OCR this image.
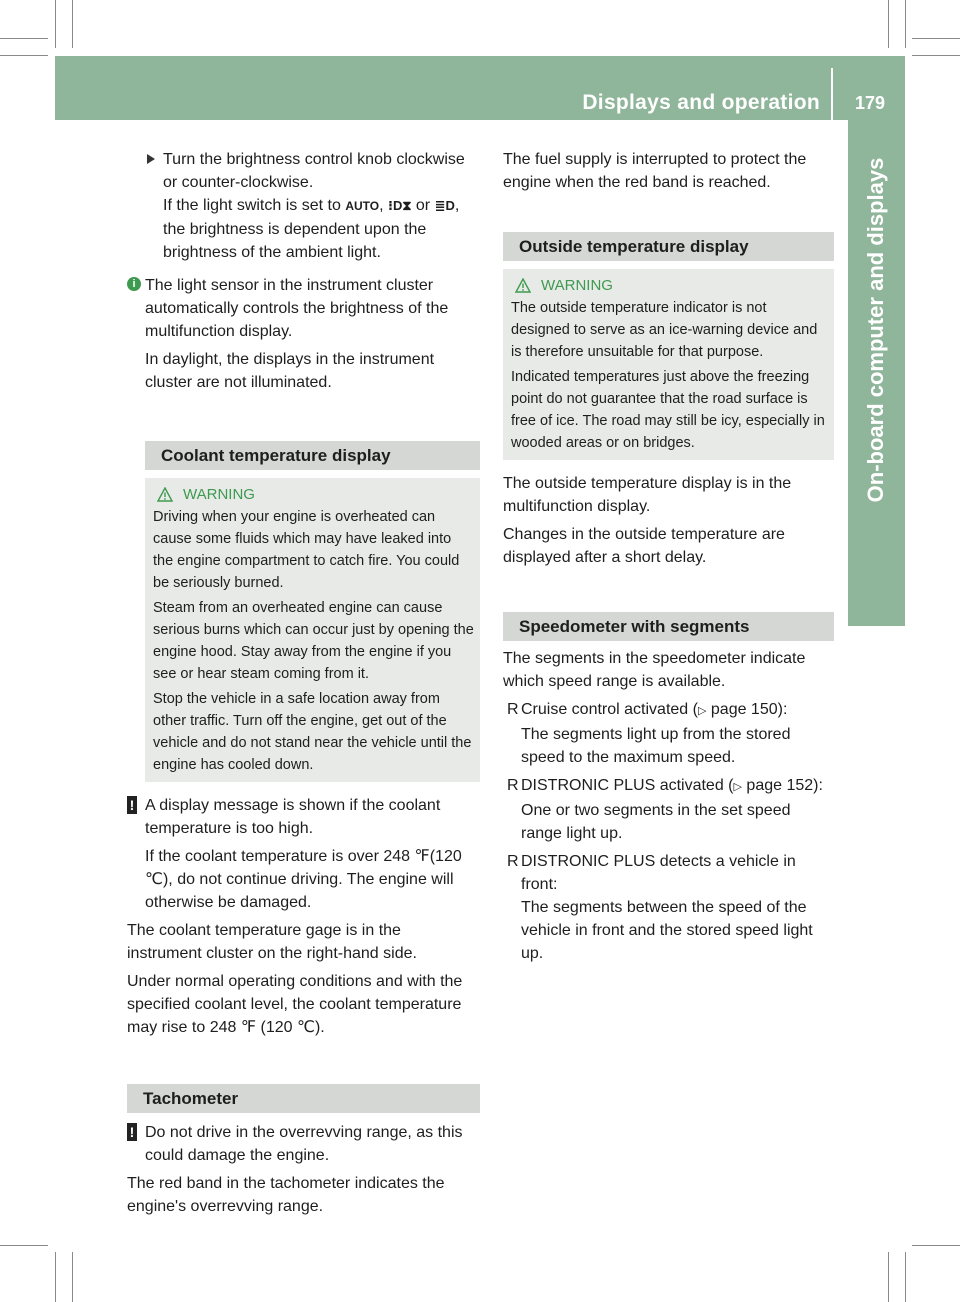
Displays and operation	179
On-board computer and displays

Turn the brightness control knob clockwise or counter-clockwise.
If the light switch is set to AUTO, ⁝D⧗ or ≣D, the brightness is dependent upon the brightness of the ambient light.

i The light sensor in the instrument cluster automatically controls the brightness of the multifunction display.

In daylight, the displays in the instrument cluster are not illuminated.

Coolant temperature display
WARNING

Driving when your engine is overheated can cause some fluids which may have leaked into the engine compartment to catch fire. You could be seriously burned.

Steam from an overheated engine can cause serious burns which can occur just by opening the engine hood. Stay away from the engine if you see or hear steam coming from it.

Stop the vehicle in a safe location away from other traffic. Turn off the engine, get out of the vehicle and do not stand near the vehicle until the engine has cooled down.

! A display message is shown if the coolant temperature is too high.

If the coolant temperature is over 248 ℉(120 ℃), do not continue driving. The engine will otherwise be damaged.

The coolant temperature gage is in the instrument cluster on the right-hand side.

Under normal operating conditions and with the specified coolant level, the coolant temperature may rise to 248 ℉ (120 ℃).

Tachometer
! Do not drive in the overrevving range, as this could damage the engine.

The red band in the tachometer indicates the engine's overrevving range.

The fuel supply is interrupted to protect the engine when the red band is reached.

Outside temperature display
WARNING

The outside temperature indicator is not designed to serve as an ice-warning device and is therefore unsuitable for that purpose.

Indicated temperatures just above the freezing point do not guarantee that the road surface is free of ice. The road may still be icy, especially in wooded areas or on bridges.

The outside temperature display is in the multifunction display.

Changes in the outside temperature are displayed after a short delay.

Speedometer with segments

The segments in the speedometer indicate which speed range is available.

R Cruise control activated (▷ page 150):

The segments light up from the stored speed to the maximum speed.

R DISTRONIC PLUS activated (▷ page 152):

One or two segments in the set speed range light up.

R DISTRONIC PLUS detects a vehicle in front:

The segments between the speed of the vehicle in front and the stored speed light up.
